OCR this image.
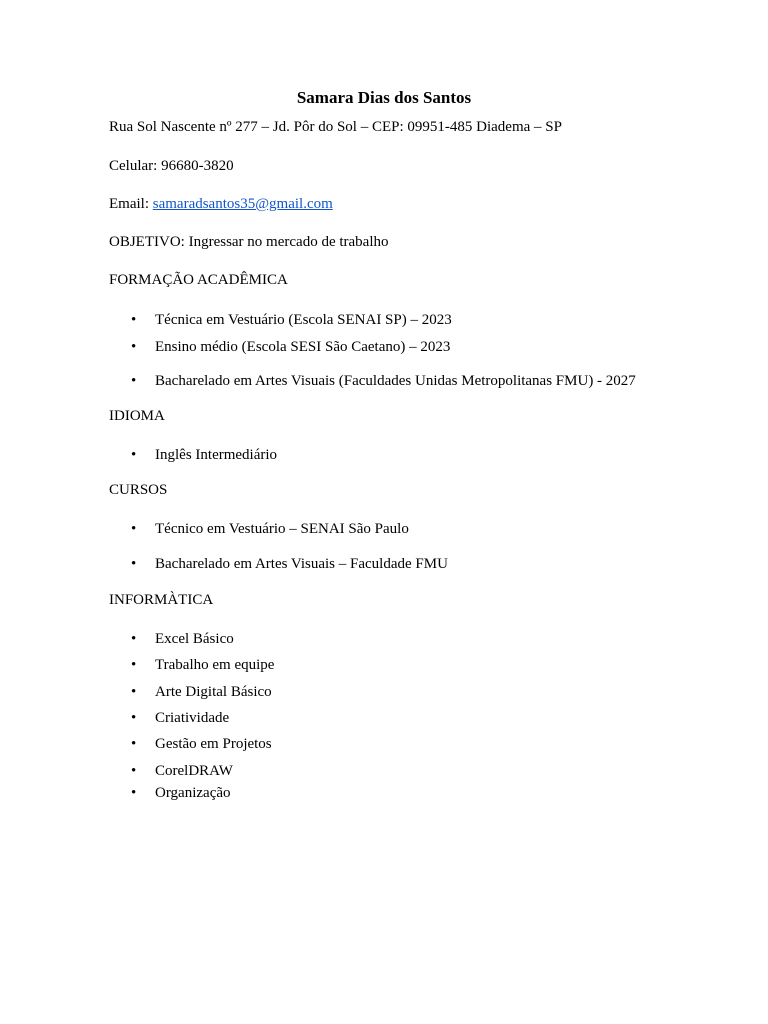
Samara Dias dos Santos
Rua Sol Nascente nº 277 – Jd. Pôr do Sol – CEP: 09951-485 Diadema – SP
Celular: 96680-3820
Email: samaradsantos35@gmail.com
OBJETIVO: Ingressar no mercado de trabalho
FORMAÇÃO ACADÊMICA
• Técnica em Vestuário (Escola SENAI SP) – 2023
• Ensino médio (Escola SESI São Caetano) – 2023
• Bacharelado em Artes Visuais (Faculdades Unidas Metropolitanas FMU) - 2027
IDIOMA
• Inglês Intermediário
CURSOS
• Técnico em Vestuário – SENAI São Paulo
• Bacharelado em Artes Visuais – Faculdade FMU
INFORMÀTICA
• Excel Básico
• Trabalho em equipe
• Arte Digital Básico
• Criatividade
• Gestão em Projetos
• CorelDRAW
• Organização
